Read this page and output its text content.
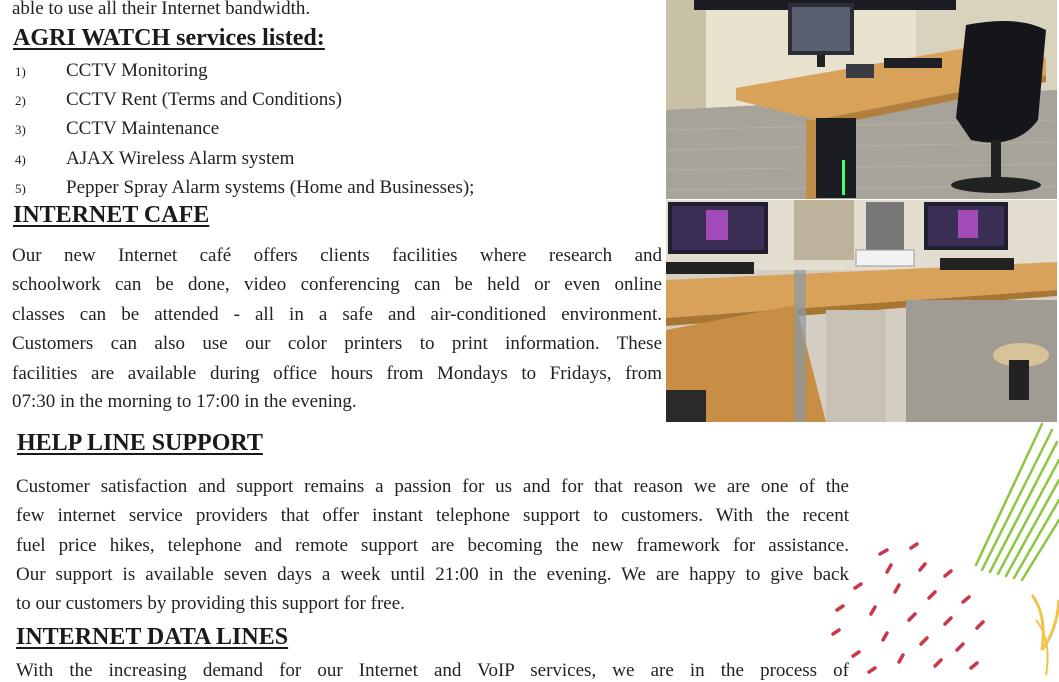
able to use all their Internet bandwidth.
AGRI WATCH services listed:
1) CCTV Monitoring
2) CCTV Rent (Terms and Conditions)
3) CCTV Maintenance
4) AJAX Wireless Alarm system
5) Pepper Spray Alarm systems (Home and Businesses);
INTERNET CAFE
Our new Internet café offers clients facilities where research and
schoolwork can be done, video conferencing can be held or even online
classes can be attended - all in a safe and air-conditioned environment.
Customers can also use our color printers to print information. These
facilities are available during office hours from Mondays to Fridays, from
07:30 in the morning to 17:00 in the evening.
HELP LINE SUPPORT
Customer satisfaction and support remains a passion for us and for that reason we are one of the
few internet service providers that offer instant telephone support to customers. With the recent
fuel price hikes, telephone and remote support are becoming the new framework for assistance.
Our support is available seven days a week until 21:00 in the evening. We are happy to give back
to our customers by providing this support for free.
INTERNET DATA LINES
With the increasing demand for our Internet and VoIP services, we are in the process of
